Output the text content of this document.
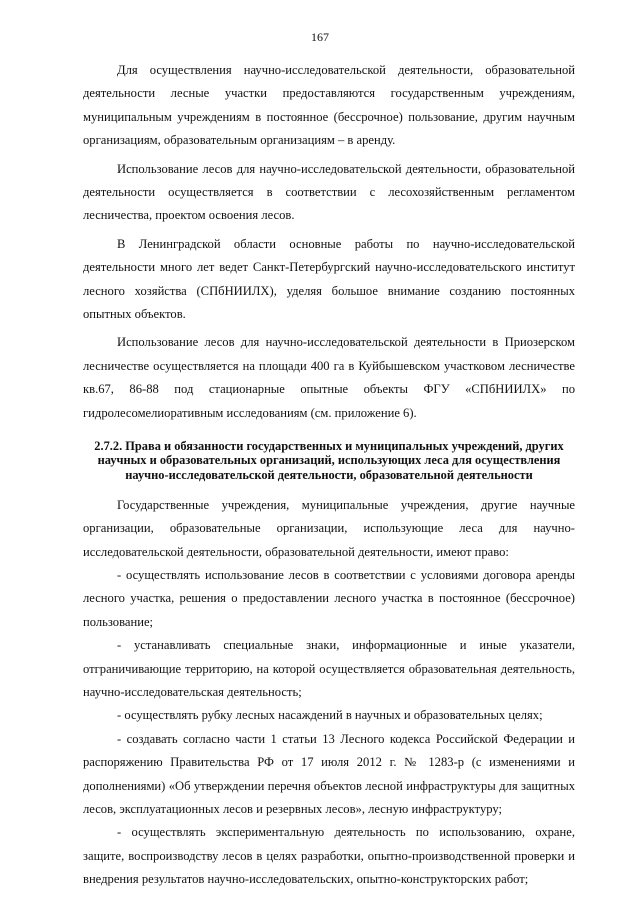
167

Для осуществления научно-исследовательской деятельности, образовательной деятельности лесные участки предоставляются государственным учреждениям, муниципальным учреждениям в постоянное (бессрочное) пользование, другим научным организациям, образовательным организациям – в аренду.

Использование лесов для научно-исследовательской деятельности, образовательной деятельности осуществляется в соответствии с лесохозяйственным регламентом лесничества, проектом освоения лесов.

В Ленинградской области основные работы по научно-исследовательской деятельности много лет ведет Санкт-Петербургский научно-исследовательского институт лесного хозяйства (СПбНИИЛХ), уделяя большое внимание созданию постоянных опытных объектов.

Использование лесов для научно-исследовательской деятельности в Приозерском лесничестве осуществляется на площади 400 га в Куйбышевском участковом лесничестве кв.67, 86-88 под стационарные опытные объекты ФГУ «СПбНИИЛХ» по гидролесомелиоративным исследованиям (см. приложение 6).

2.7.2. Права и обязанности государственных и муниципальных учреждений, других научных и образовательных организаций, использующих леса для осуществления научно-исследовательской деятельности, образовательной деятельности

Государственные учреждения, муниципальные учреждения, другие научные организации, образовательные организации, использующие леса для научно-исследовательской деятельности, образовательной деятельности, имеют право:

- осуществлять использование лесов в соответствии с условиями договора аренды лесного участка, решения о предоставлении лесного участка в постоянное (бессрочное) пользование;

- устанавливать специальные знаки, информационные и иные указатели, отграничивающие территорию, на которой осуществляется образовательная деятельность, научно-исследовательская деятельность;

- осуществлять рубку лесных насаждений в научных и образовательных целях;

- создавать согласно части 1 статьи 13 Лесного кодекса Российской Федерации и распоряжению Правительства РФ от 17 июля 2012 г. № 1283-р (с изменениями и дополнениями) «Об утверждении перечня объектов лесной инфраструктуры для защитных лесов, эксплуатационных лесов и резервных лесов», лесную инфраструктуру;

- осуществлять экспериментальную деятельность по использованию, охране, защите, воспроизводству лесов в целях разработки, опытно-производственной проверки и внедрения результатов научно-исследовательских, опытно-конструкторских работ;
